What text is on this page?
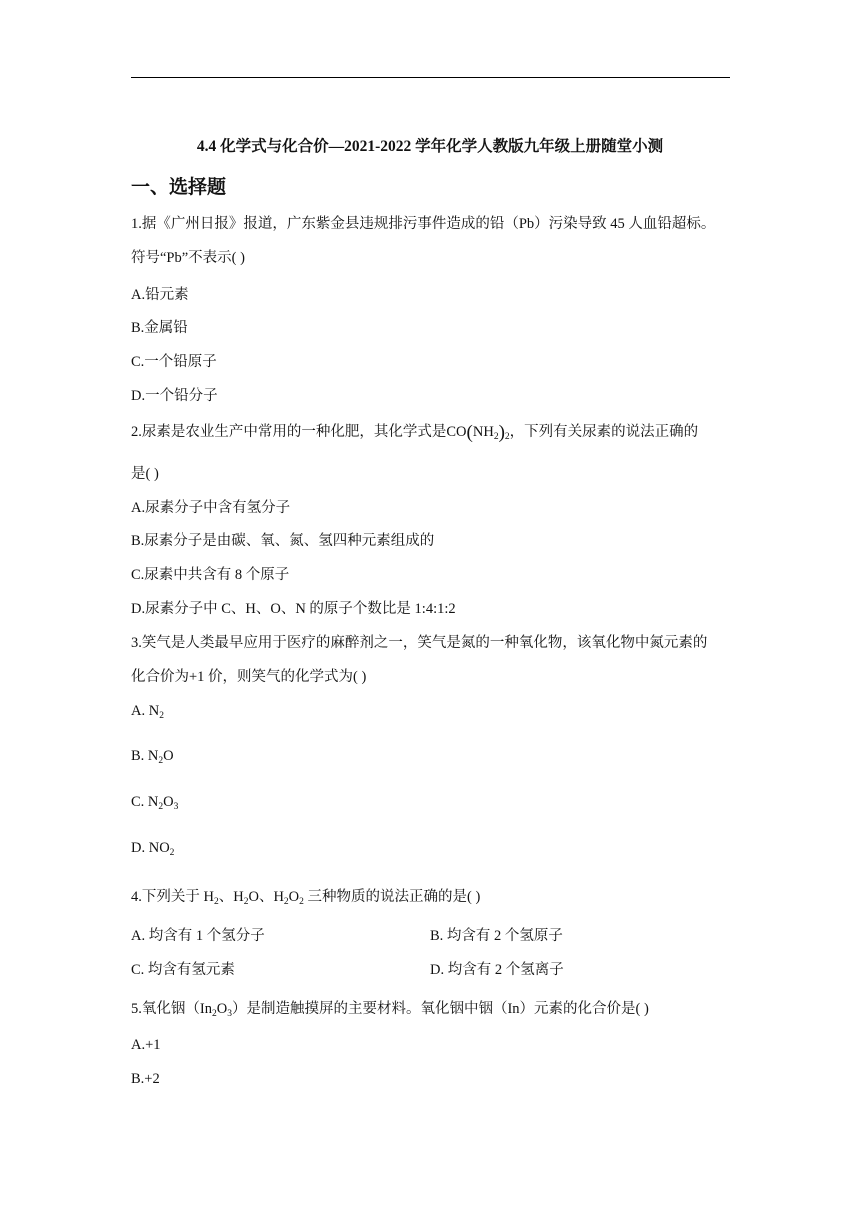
4.4 化学式与化合价—2021-2022 学年化学人教版九年级上册随堂小测
一、选择题
1.据《广州日报》报道，广东紫金县违规排污事件造成的铅（Pb）污染导致 45 人血铅超标。
符号“Pb”不表示( )
A.铅元素
B.金属铅
C.一个铅原子
D.一个铅分子
2.尿素是农业生产中常用的一种化肥，其化学式是$CO(NH_2)_2$，下列有关尿素的说法正确的
是( )
A.尿素分子中含有氢分子
B.尿素分子是由碳、氧、氮、氢四种元素组成的
C.尿素中共含有 8 个原子
D.尿素分子中 C、H、O、N 的原子个数比是 1:4:1:2
3.笑气是人类最早应用于医疗的麻醉剂之一，笑气是氮的一种氧化物，该氧化物中氮元素的
化合价为+1 价，则笑气的化学式为( )
A. $N_2$
B. $N_2O$
C. $N_2O_3$
D. $NO_2$
4.下列关于 $H_2$、$H_2O$、$H_2O_2$ 三种物质的说法正确的是( )
A. 均含有 1 个氢分子	B. 均含有 2 个氢原子
C. 均含有氢元素	D. 均含有 2 个氢离子
5.氧化铟$(In_2O_3)$是制造触摸屏的主要材料。氧化铟中铟（In）元素的化合价是( )
A.+1
B.+2
